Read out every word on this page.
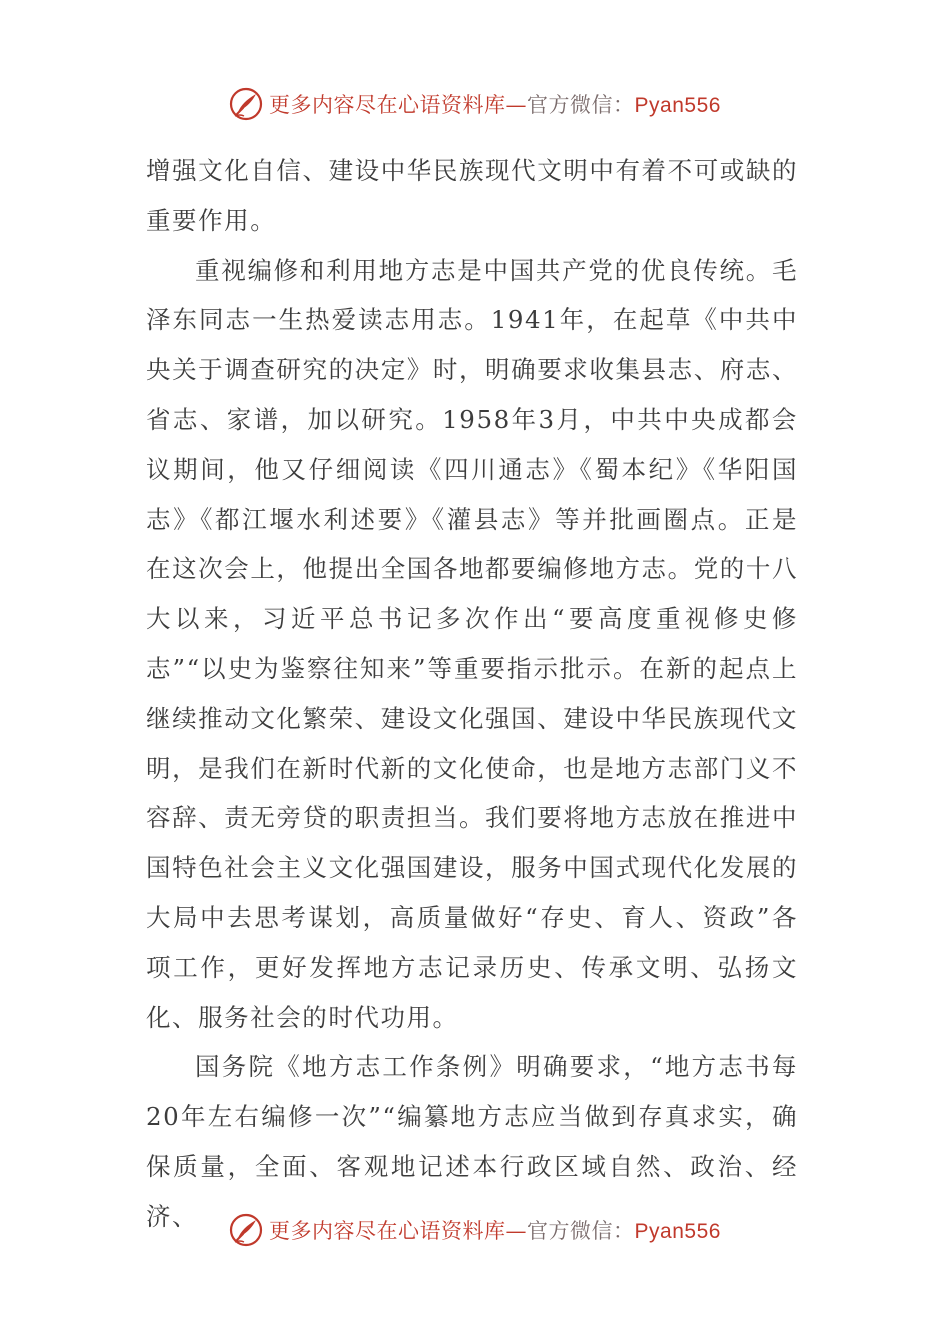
更多内容尽在心语资料库—官方微信：Pyan556

增强文化自信、建设中华民族现代文明中有着不可或缺的重要作用。

重视编修和利用地方志是中国共产党的优良传统。毛泽东同志一生热爱读志用志。1941年，在起草《中共中央关于调查研究的决定》时，明确要求收集县志、府志、省志、家谱，加以研究。1958年3月，中共中央成都会议期间，他又仔细阅读《四川通志》《蜀本纪》《华阳国志》《都江堰水利述要》《灌县志》等并批画圈点。正是在这次会上，他提出全国各地都要编修地方志。党的十八大以来，习近平总书记多次作出“要高度重视修史修志”“以史为鉴察往知来”等重要指示批示。在新的起点上继续推动文化繁荣、建设文化强国、建设中华民族现代文明，是我们在新时代新的文化使命，也是地方志部门义不容辞、责无旁贷的职责担当。我们要将地方志放在推进中国特色社会主义文化强国建设，服务中国式现代化发展的大局中去思考谋划，高质量做好“存史、育人、资政”各项工作，更好发挥地方志记录历史、传承文明、弘扬文化、服务社会的时代功用。

国务院《地方志工作条例》明确要求，“地方志书每20年左右编修一次”“编纂地方志应当做到存真求实，确保质量，全面、客观地记述本行政区域自然、政治、经济、

更多内容尽在心语资料库—官方微信：Pyan556
